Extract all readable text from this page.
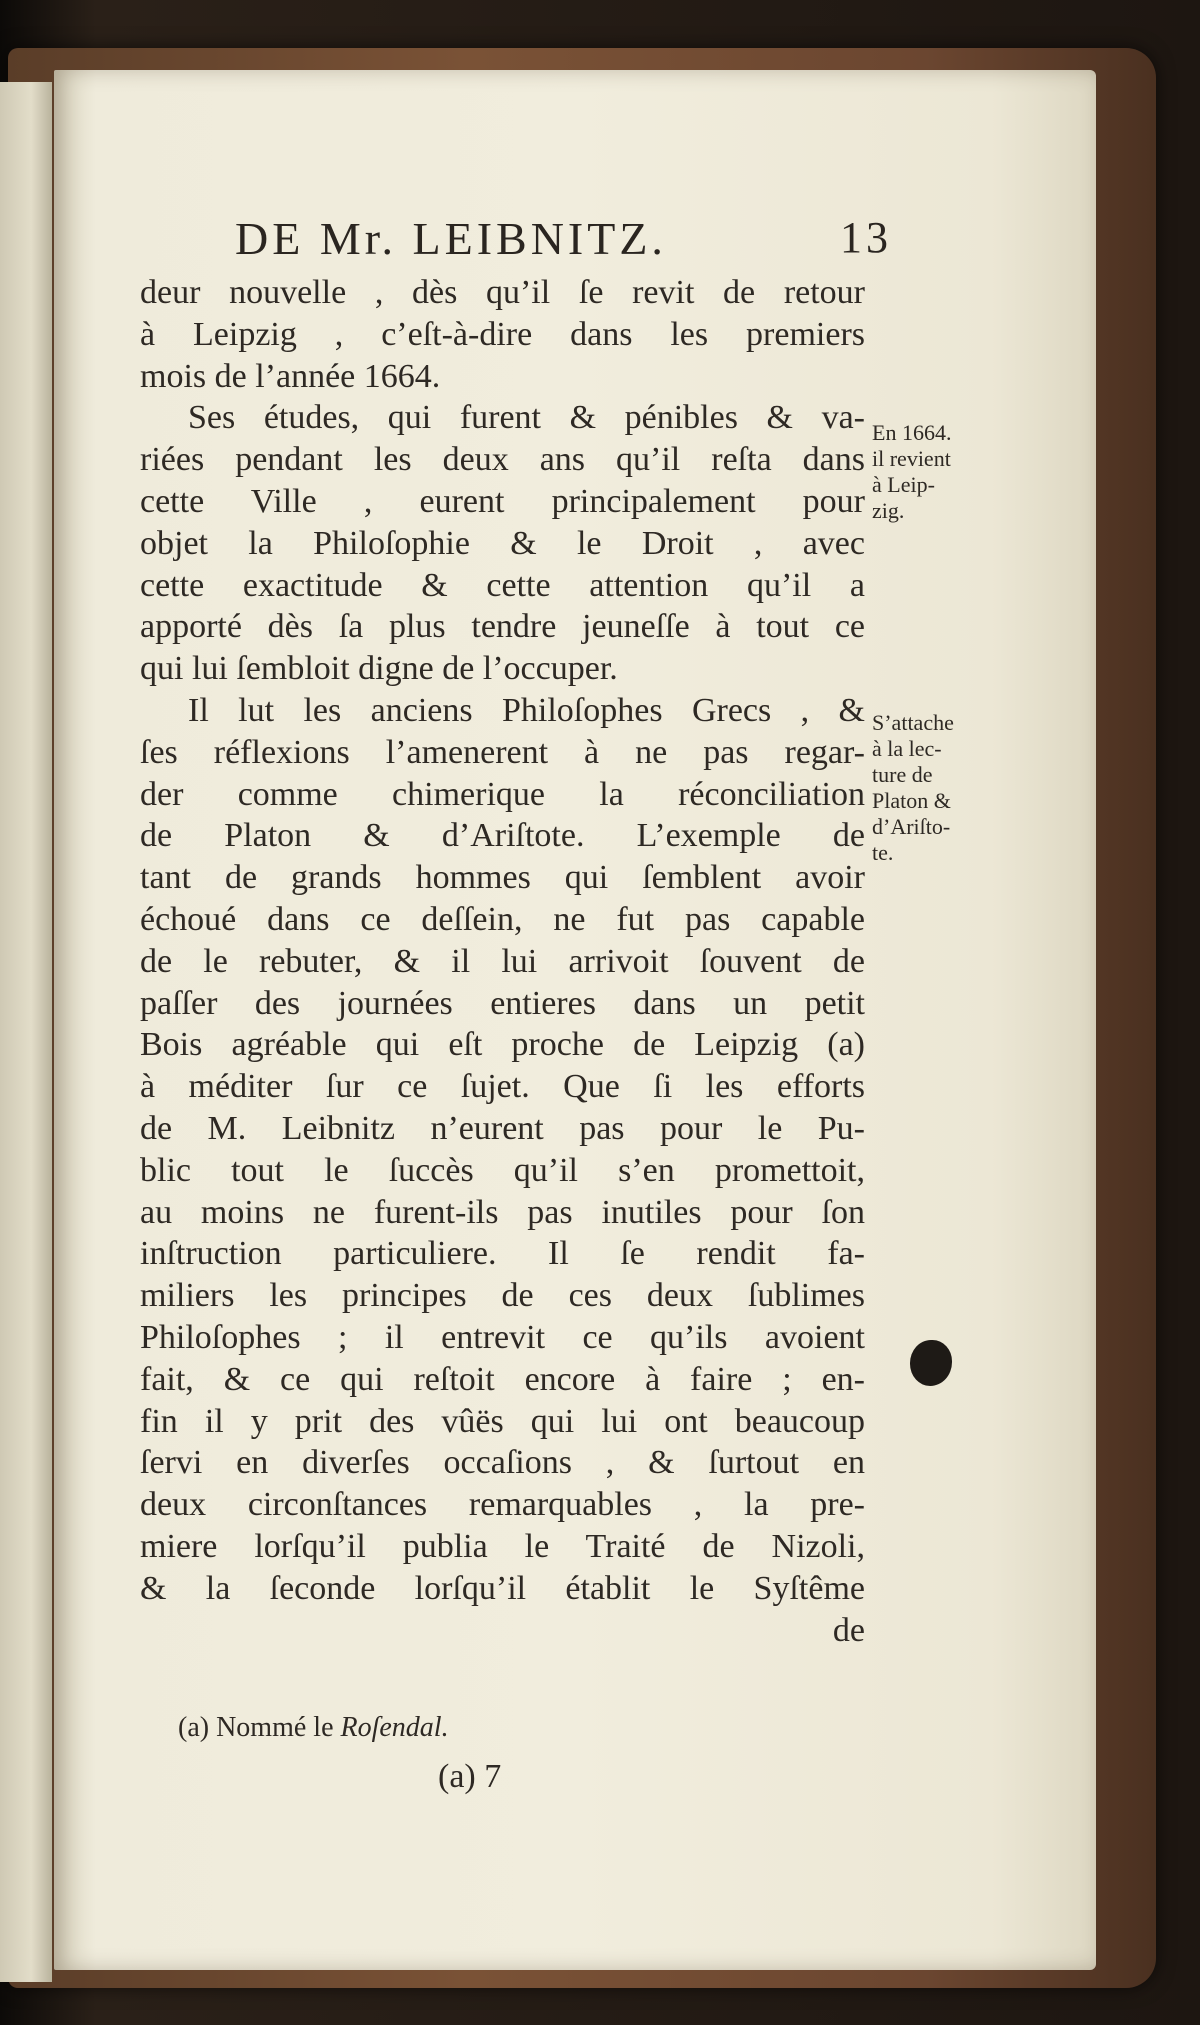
DE Mr. LEIBNITZ.	13
deur nouvelle , dès qu’il ſe revit de retour
à Leipzig , c’eſt-à-dire dans les premiers
mois de l’année 1664.
Ses études, qui furent & pénibles & va-
riées pendant les deux ans qu’il reſta dans
cette Ville , eurent principalement pour
objet la Philoſophie & le Droit , avec
cette exactitude & cette attention qu’il a
apporté dès ſa plus tendre jeuneſſe à tout ce
qui lui ſembloit digne de l’occuper.
Il lut les anciens Philoſophes Grecs , &
ſes réflexions l’amenerent à ne pas regar-
der comme chimerique la réconciliation
de Platon & d’Ariſtote. L’exemple de
tant de grands hommes qui ſemblent avoir
échoué dans ce deſſein, ne fut pas capable
de le rebuter, & il lui arrivoit ſouvent de
paſſer des journées entieres dans un petit
Bois agréable qui eſt proche de Leipzig (a)
à méditer ſur ce ſujet. Que ſi les efforts
de M. Leibnitz n’eurent pas pour le Pu-
blic tout le ſuccès qu’il s’en promettoit,
au moins ne furent-ils pas inutiles pour ſon
inſtruction particuliere. Il ſe rendit fa-
miliers les principes de ces deux ſublimes
Philoſophes ; il entrevit ce qu’ils avoient
fait, & ce qui reſtoit encore à faire ; en-
fin il y prit des vûës qui lui ont beaucoup
ſervi en diverſes occaſions , & ſurtout en
deux circonſtances remarquables , la pre-
miere lorſqu’il publia le Traité de Nizoli,
& la ſeconde lorſqu’il établit le Syſtême
de
En 1664.
il revient
à Leip-
zig.
S’attache
à la lec-
ture de
Platon &
d’Ariſto-
te.
(a) Nommé le Roſendal.
(a) 7
